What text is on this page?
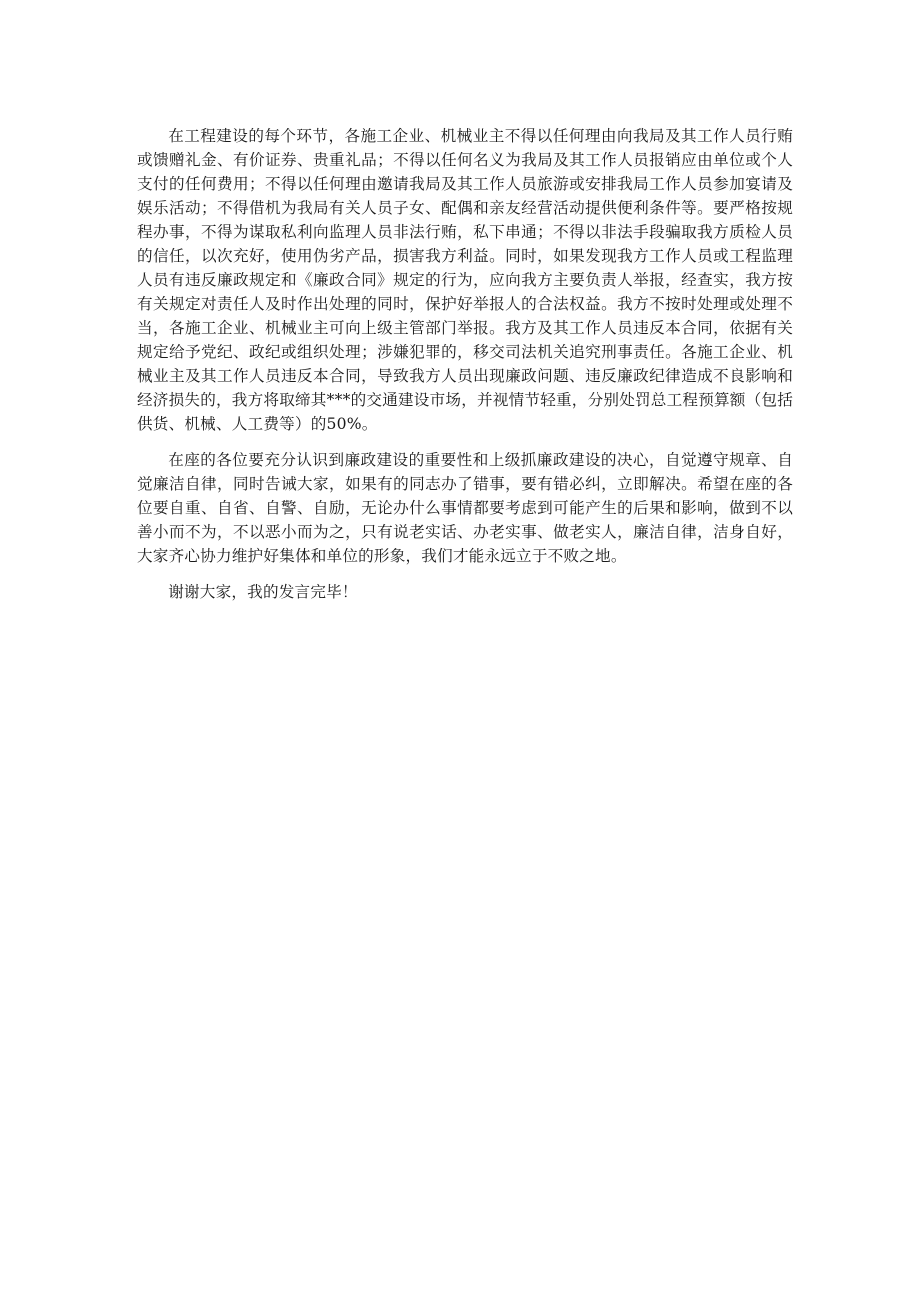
在工程建设的每个环节，各施工企业、机械业主不得以任何理由向我局及其工作人员行贿或馈赠礼金、有价证券、贵重礼品；不得以任何名义为我局及其工作人员报销应由单位或个人支付的任何费用；不得以任何理由邀请我局及其工作人员旅游或安排我局工作人员参加宴请及娱乐活动；不得借机为我局有关人员子女、配偶和亲友经营活动提供便利条件等。要严格按规程办事，不得为谋取私利向监理人员非法行贿，私下串通；不得以非法手段骗取我方质检人员的信任，以次充好，使用伪劣产品，损害我方利益。同时，如果发现我方工作人员或工程监理人员有违反廉政规定和《廉政合同》规定的行为，应向我方主要负责人举报，经查实，我方按有关规定对责任人及时作出处理的同时，保护好举报人的合法权益。我方不按时处理或处理不当，各施工企业、机械业主可向上级主管部门举报。我方及其工作人员违反本合同，依据有关规定给予党纪、政纪或组织处理；涉嫌犯罪的，移交司法机关追究刑事责任。各施工企业、机械业主及其工作人员违反本合同，导致我方人员出现廉政问题、违反廉政纪律造成不良影响和经济损失的，我方将取缔其***的交通建设市场，并视情节轻重，分别处罚总工程预算额（包括供货、机械、人工费等）的50%。

在座的各位要充分认识到廉政建设的重要性和上级抓廉政建设的决心，自觉遵守规章、自觉廉洁自律，同时告诫大家，如果有的同志办了错事，要有错必纠，立即解决。希望在座的各位要自重、自省、自警、自励，无论办什么事情都要考虑到可能产生的后果和影响，做到不以善小而不为，不以恶小而为之，只有说老实话、办老实事、做老实人，廉洁自律，洁身自好，大家齐心协力维护好集体和单位的形象，我们才能永远立于不败之地。

谢谢大家，我的发言完毕！
